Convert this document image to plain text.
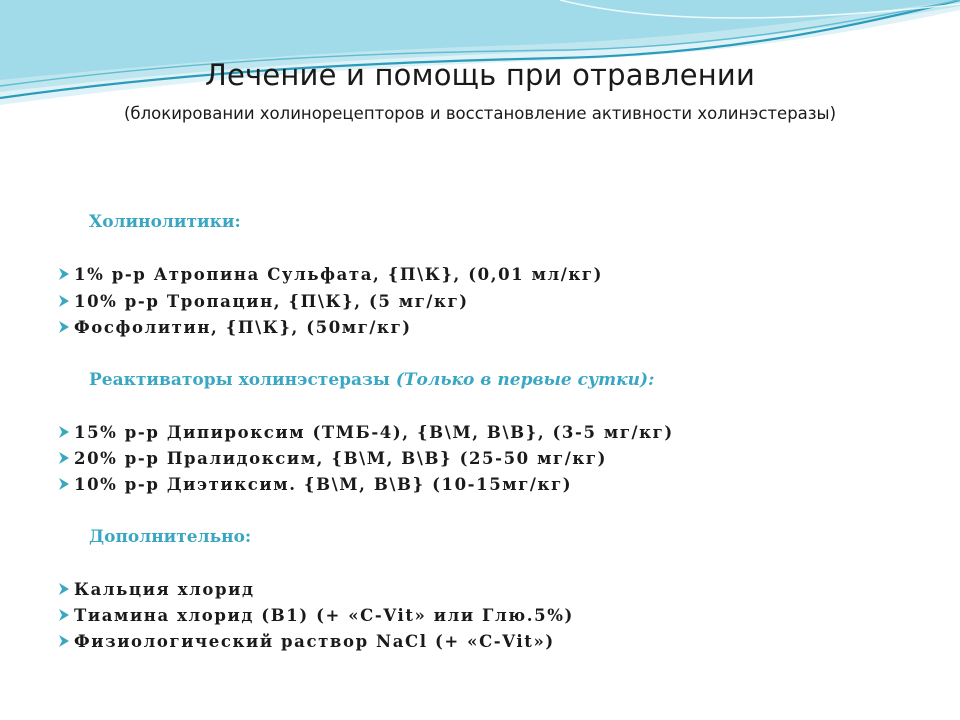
Лечение и помощь при отравлении
(блокировании холинорецепторов и восстановление активности холинэстеразы)
Холинолитики:
1% р-р Атропина Сульфата, {П\К}, (0,01 мл/кг)
10% р-р Тропацин, {П\К}, (5 мг/кг)
Фосфолитин, {П\К}, (50мг/кг)
Реактиваторы холинэстеразы (Только в первые сутки):
15% р-р Дипироксим (ТМБ-4), {В\М, В\В}, (3-5 мг/кг)
20% р-р Пралидоксим, {В\М, В\В} (25-50 мг/кг)
10% р-р Диэтиксим. {В\М, В\В} (10-15мг/кг)
Дополнительно:
Кальция хлорид
Тиамина хлорид (В1) (+ «С-Vit» или Глю.5%)
Физиологический раствор NaCl (+ «С-Vit»)
